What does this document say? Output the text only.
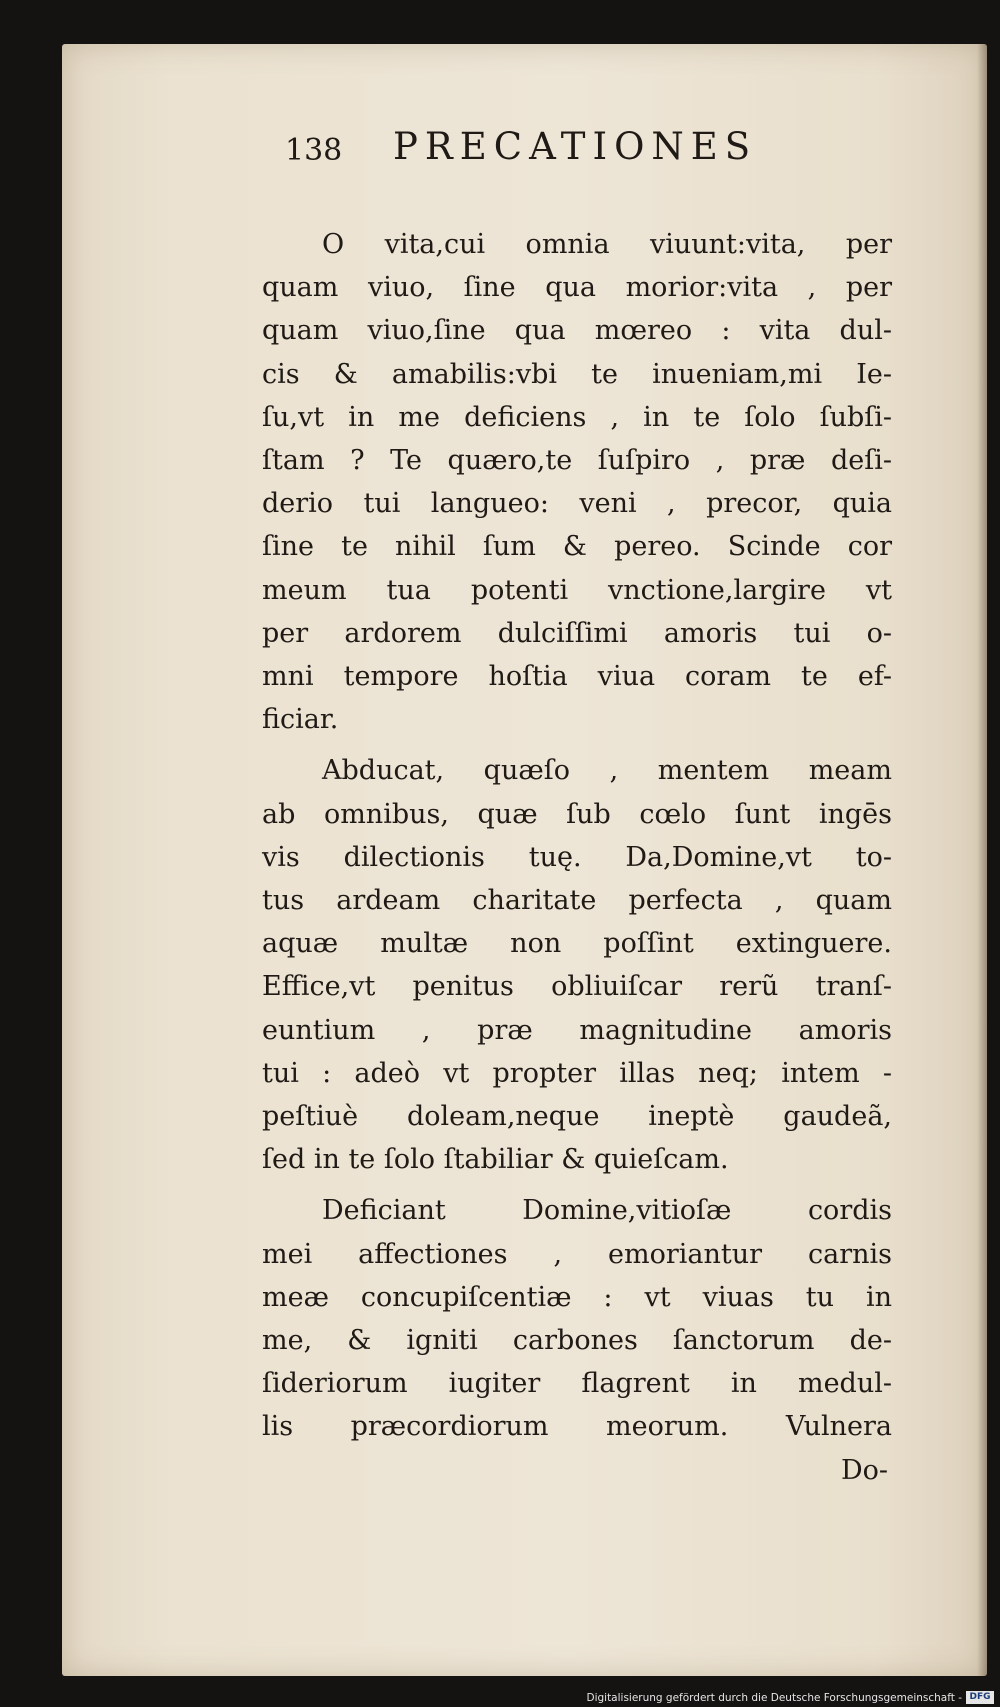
138 PRECATIONES

O vita,cui omnia viuunt:vita, per
quam viuo, ſine qua morior:vita , per
quam viuo,ſine qua mœreo : vita dul-
cis & amabilis:vbi te inueniam,mi Ie-
ſu,vt in me deficiens , in te ſolo ſubſi-
ſtam ? Te quæro,te ſuſpiro , præ deſi-
derio tui langueo: veni , precor, quia
ſine te nihil ſum & pereo. Scinde cor
meum tua potenti vnctione,largire vt
per ardorem dulciſſimi amoris tui o-
mni tempore hoſtia viua coram te ef-
ficiar.

Abducat, quæſo , mentem meam
ab omnibus, quæ ſub cœlo ſunt ingēs
vis dilectionis tuę. Da,Domine,vt to-
tus ardeam charitate perfecta , quam
aquæ multæ non poſſint extinguere.
Effice,vt penitus obliuiſcar rerũ tranſ-
euntium , præ magnitudine amoris
tui : adeò vt propter illas neq; intem -
peſtiuè doleam,neque ineptè gaudeã,
ſed in te ſolo ſtabiliar & quieſcam.

Deficiant Domine,vitioſæ cordis
mei affectiones , emoriantur carnis
meæ concupiſcentiæ : vt viuas tu in
me, & igniti carbones ſanctorum de-
ſideriorum iugiter flagrent in medul-
lis præcordiorum meorum. Vulnera
Do-

Digitalisierung gefördert durch die Deutsche Forschungsgemeinschaft - DFG
